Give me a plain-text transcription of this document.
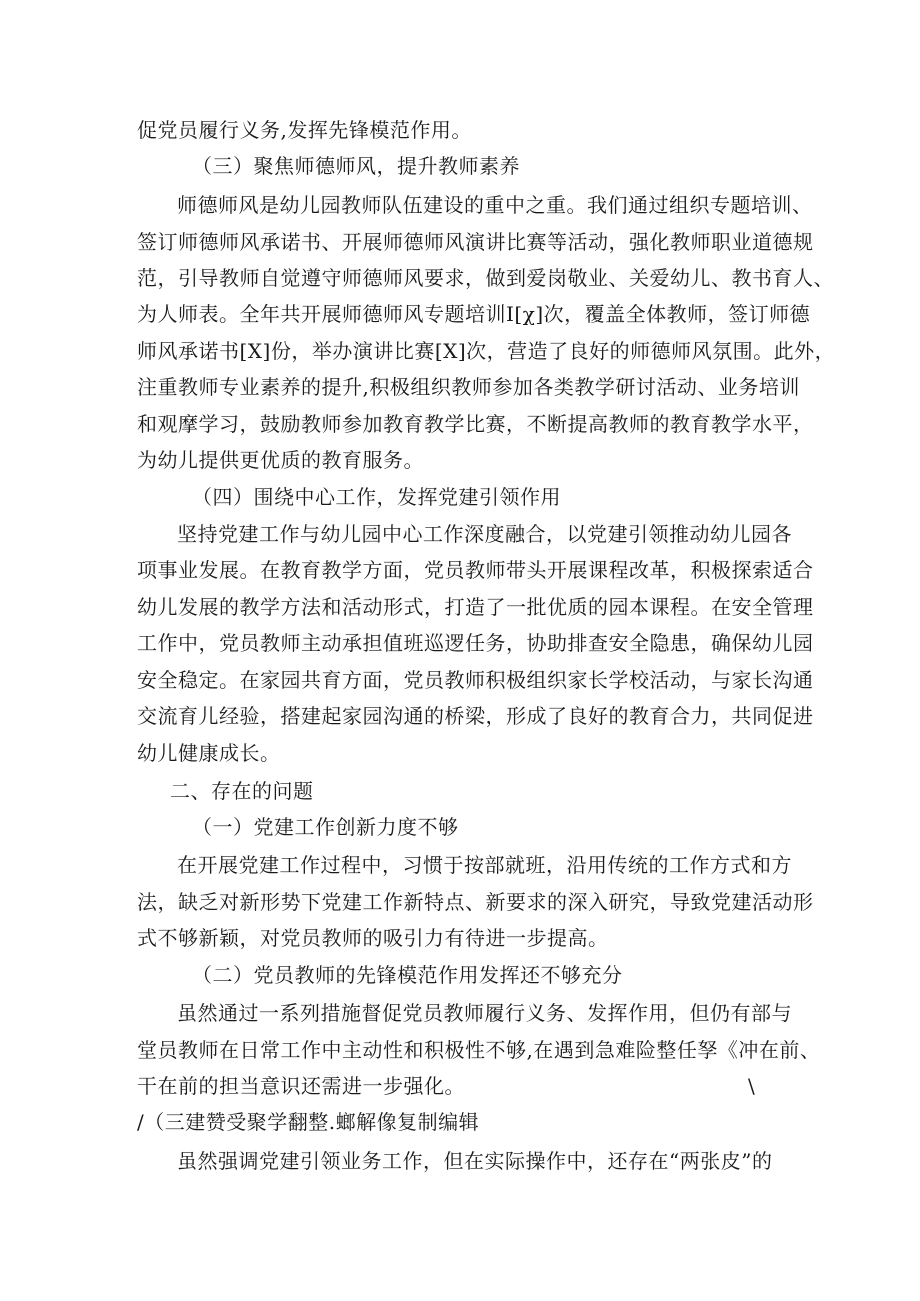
促党员履行义务,发挥先锋模范作用。
（三）聚焦师德师风，提升教师素养
师德师风是幼儿园教师队伍建设的重中之重。我们通过组织专题培训、
签订师德师风承诺书、开展师德师风演讲比赛等活动，强化教师职业道德规
范，引导教师自觉遵守师德师风要求，做到爱岗敬业、关爱幼儿、教书育人、
为人师表。全年共开展师德师风专题培训I[χ]次，覆盖全体教师，签订师德
师风承诺书[X]份，举办演讲比赛[X]次，营造了良好的师德师风氛围。此外，
注重教师专业素养的提升,积极组织教师参加各类教学研讨活动、业务培训
和观摩学习，鼓励教师参加教育教学比赛，不断提高教师的教育教学水平，
为幼儿提供更优质的教育服务。
（四）围绕中心工作，发挥党建引领作用
坚持党建工作与幼儿园中心工作深度融合，以党建引领推动幼儿园各
项事业发展。在教育教学方面，党员教师带头开展课程改革，积极探索适合
幼儿发展的教学方法和活动形式，打造了一批优质的园本课程。在安全管理
工作中，党员教师主动承担值班巡逻任务，协助排查安全隐患，确保幼儿园
安全稳定。在家园共育方面，党员教师积极组织家长学校活动，与家长沟通
交流育儿经验，搭建起家园沟通的桥梁，形成了良好的教育合力，共同促进
幼儿健康成长。
二、存在的问题
（一）党建工作创新力度不够
在开展党建工作过程中，习惯于按部就班，沿用传统的工作方式和方
法，缺乏对新形势下党建工作新特点、新要求的深入研究，导致党建活动形
式不够新颖，对党员教师的吸引力有待进一步提高。
（二）党员教师的先锋模范作用发挥还不够充分
虽然通过一系列措施督促党员教师履行义务、发挥作用，但仍有部与
堂员教师在日常工作中主动性和积极性不够,在遇到急难险整任孥《冲在前、
干在前的担当意识还需进一步强化。	\
/（三建赞受聚学翻整.螂解像复制编辑
虽然强调党建引领业务工作，但在实际操作中，还存在“两张皮”的
